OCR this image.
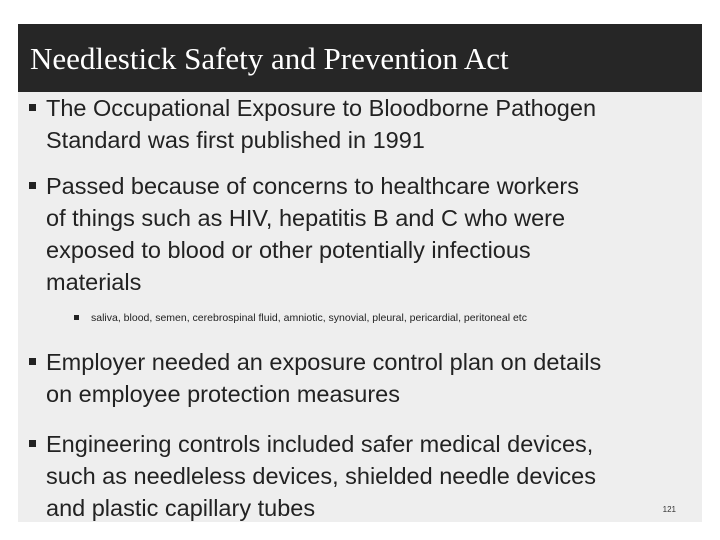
Needlestick Safety and Prevention Act
The Occupational Exposure to Bloodborne Pathogen
Standard was first published in 1991
Passed because of concerns to healthcare workers
of things such as HIV, hepatitis B and C who were
exposed to blood or other potentially infectious
materials
saliva, blood, semen, cerebrospinal fluid, amniotic, synovial, pleural, pericardial, peritoneal etc
Employer needed an exposure control plan on details
on employee protection measures
Engineering controls included safer medical devices,
such as needleless devices, shielded needle devices
and plastic capillary tubes	121
